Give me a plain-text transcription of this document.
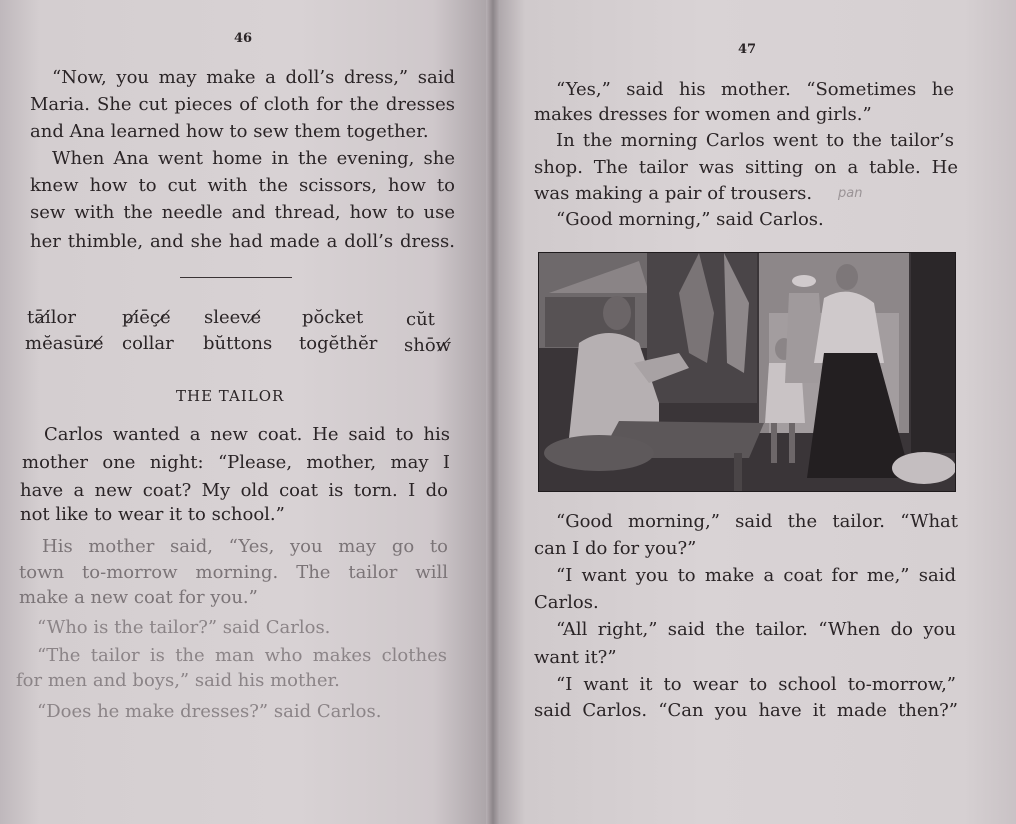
46
“Now, you may make a doll’s dress,” said
Maria. She cut pieces of cloth for the dresses
and Ana learned how to sew them together.
When Ana went home in the evening, she
knew how to cut with the scissors, how to
sew with the needle and thread, how to use
her thimble, and she had made a doll’s dress.
tāi̸lor	pi̸ēçe̸ sleeve̸ pŏcket cŭt
mĕasūre̸ collar bŭttons togĕthĕr shōw̸
THE TAILOR
Carlos wanted a new coat. He said to his
mother one night: “Please, mother, may I
have a new coat? My old coat is torn. I do
not like to wear it to school.”
His mother said, “Yes, you may go to
town to-morrow morning. The tailor will
make a new coat for you.”
“Who is the tailor?” said Carlos.
“The tailor is the man who makes clothes
for men and boys,” said his mother.
“Does he make dresses?” said Carlos.
47
“Yes,” said his mother. “Sometimes he
makes dresses for women and girls.”
In the morning Carlos went to the tailor’s
shop. The tailor was sitting on a table. He
was making a pair of trousers. pan
“Good morning,” said Carlos.
“Good morning,” said the tailor. “What
can I do for you?”
“I want you to make a coat for me,” said
Carlos.
“All right,” said the tailor. “When do you
want it?”
“I want it to wear to school to-morrow,”
said Carlos. “Can you have it made then?”
